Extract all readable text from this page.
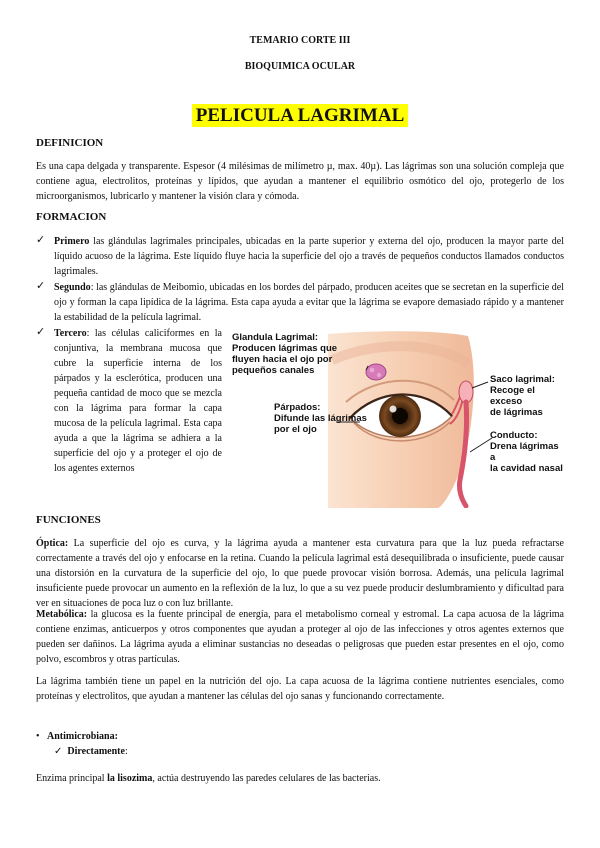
TEMARIO CORTE III
BIOQUIMICA OCULAR
PELICULA LAGRIMAL
DEFINICION
Es una capa delgada y transparente. Espesor (4 milésimas de milímetro µ, max. 40µ). Las lágrimas son una solución compleja que contiene agua, electrolitos, proteínas y lípidos, que ayudan a mantener el equilibrio osmótico del ojo, protegerlo de los microorganismos, lubricarlo y mantener la visión clara y cómoda.
FORMACION
✓ Primero las glándulas lagrimales principales, ubicadas en la parte superior y externa del ojo, producen la mayor parte del líquido acuoso de la lágrima. Este líquido fluye hacia la superficie del ojo a través de pequeños conductos llamados conductos lagrimales.
✓ Segundo: las glándulas de Meibomio, ubicadas en los bordes del párpado, producen aceites que se secretan en la superficie del ojo y forman la capa lipídica de la lágrima. Esta capa ayuda a evitar que la lágrima se evapore demasiado rápido y a mantener la estabilidad de la película lagrimal.
✓ Tercero: las células caliciformes en la conjuntiva, la membrana mucosa que cubre la superficie interna de los párpados y la esclerótica, producen una pequeña cantidad de moco que se mezcla con la lágrima para formar la capa mucosa de la película lagrimal. Esta capa ayuda a que la lágrima se adhiera a la superficie del ojo y a proteger el ojo de los agentes externos
Glandula Lagrimal:
Producen lágrimas que
fluyen hacia el ojo por
pequeños canales
Párpados:
Difunde las lágrimas
por el ojo
Saco lagrimal:
Recoge el exceso
de lágrimas
Conducto:
Drena lágrimas a
la cavidad nasal
FUNCIONES
Óptica: La superficie del ojo es curva, y la lágrima ayuda a mantener esta curvatura para que la luz pueda refractarse correctamente a través del ojo y enfocarse en la retina. Cuando la película lagrimal está desequilibrada o insuficiente, puede causar una distorsión en la curvatura de la superficie del ojo, lo que puede provocar visión borrosa. Además, una película lagrimal insuficiente puede provocar un aumento en la reflexión de la luz, lo que a su vez puede producir deslumbramiento y dificultad para ver en situaciones de poca luz o con luz brillante.
Metabólica: la glucosa es la fuente principal de energía, para el metabolismo corneal y estromal. La capa acuosa de la lágrima contiene enzimas, anticuerpos y otros componentes que ayudan a proteger al ojo de las infecciones y otros agentes externos que pueden ser dañinos. La lágrima ayuda a eliminar sustancias no deseadas o peligrosas que pueden estar presentes en el ojo, como polvo, escombros y otras partículas.
La lágrima también tiene un papel en la nutrición del ojo. La capa acuosa de la lágrima contiene nutrientes esenciales, como proteínas y electrolitos, que ayudan a mantener las células del ojo sanas y funcionando correctamente.
• Antimicrobiana:
✓ Directamente:
Enzima principal la lisozima, actúa destruyendo las paredes celulares de las bacterias.
